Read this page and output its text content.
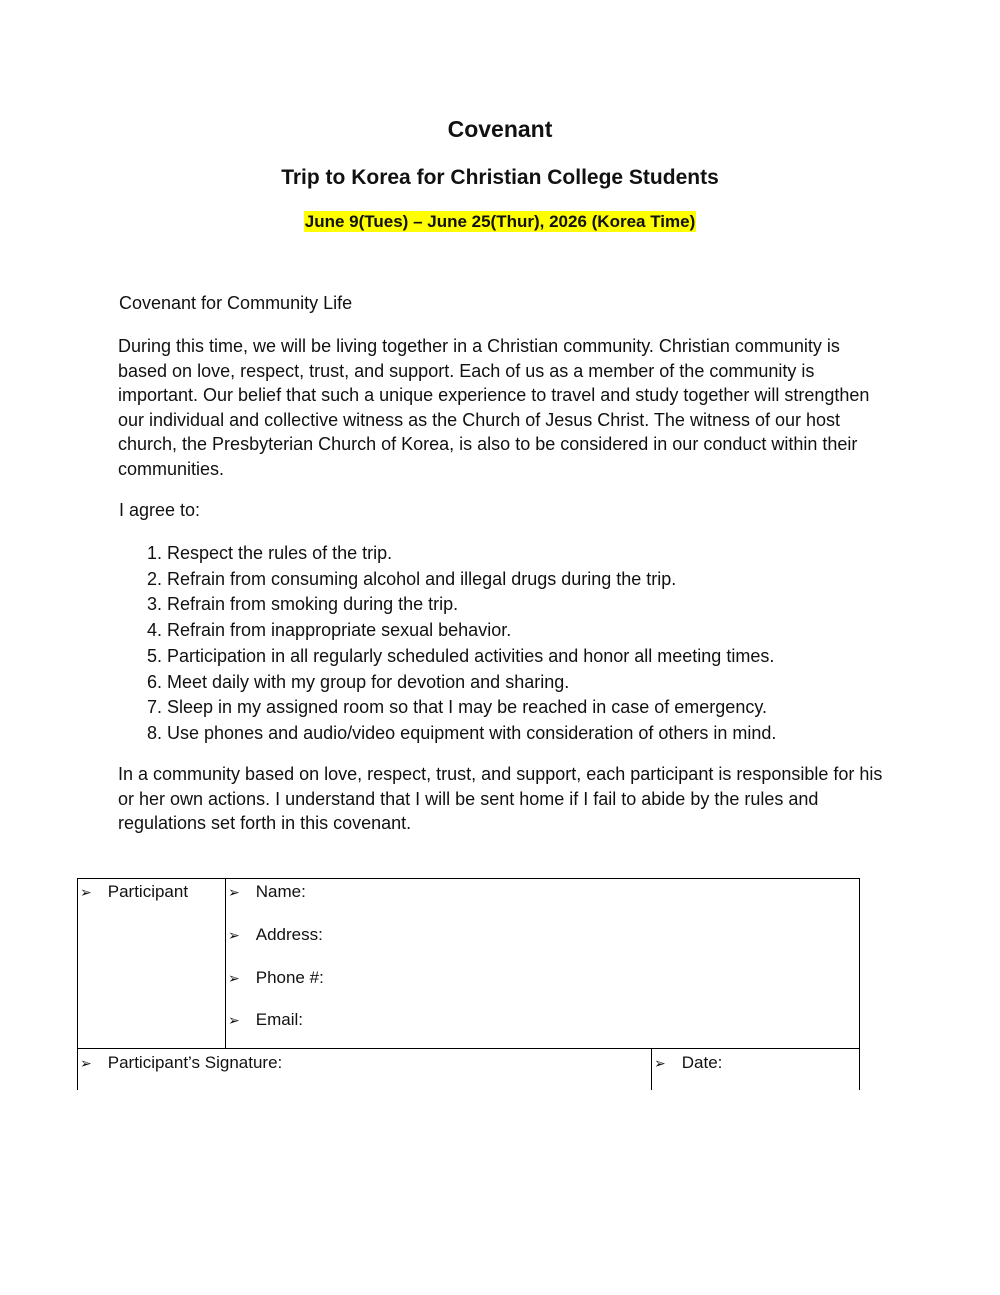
Covenant
Trip to Korea for Christian College Students
June 9(Tues) – June 25(Thur), 2026 (Korea Time)
Covenant for Community Life
During this time, we will be living together in a Christian community. Christian community is based on love, respect, trust, and support. Each of us as a member of the community is important. Our belief that such a unique experience to travel and study together will strengthen our individual and collective witness as the Church of Jesus Christ. The witness of our host church, the Presbyterian Church of Korea, is also to be considered in our conduct within their communities.
I agree to:
1. Respect the rules of the trip.
2. Refrain from consuming alcohol and illegal drugs during the trip.
3. Refrain from smoking during the trip.
4. Refrain from inappropriate sexual behavior.
5. Participation in all regularly scheduled activities and honor all meeting times.
6. Meet daily with my group for devotion and sharing.
7. Sleep in my assigned room so that I may be reached in case of emergency.
8. Use phones and audio/video equipment with consideration of others in mind.
In a community based on love, respect, trust, and support, each participant is responsible for his or her own actions. I understand that I will be sent home if I fail to abide by the rules and regulations set forth in this covenant.
➢ Participant	➢ Name:
➢ Address:
➢ Phone #:
➢ Email:
➢ Participant’s Signature:	➢ Date:
